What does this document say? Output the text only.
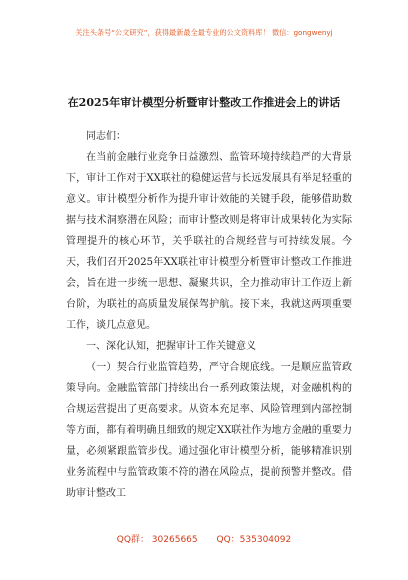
关注头条号“公文研究”，获得最新最全最专业的公文资料库！ 微信：gongwenyj
在2025年审计模型分析暨审计整改工作推进会上的讲话

同志们：

在当前金融行业竞争日益激烈、监管环境持续趋严的大背景下，审计工作对于XX联社的稳健运营与长远发展具有举足轻重的意义。审计模型分析作为提升审计效能的关键手段，能够借助数据与技术洞察潜在风险；而审计整改则是将审计成果转化为实际管理提升的核心环节，关乎联社的合规经营与可持续发展。今天，我们召开2025年XX联社审计模型分析暨审计整改工作推进会，旨在进一步统一思想、凝聚共识，全力推动审计工作迈上新台阶，为联社的高质量发展保驾护航。接下来，我就这两项重要工作，谈几点意见。

一、深化认知，把握审计工作关键意义

（一）契合行业监管趋势，严守合规底线。一是顺应监管政策导向。金融监管部门持续出台一系列政策法规，对金融机构的合规运营提出了更高要求。从资本充足率、风险管理到内部控制等方面，都有着明确且细致的规定XX联社作为地方金融的重要力量，必须紧跟监管步伐。通过强化审计模型分析，能够精准识别业务流程中与监管政策不符的潜在风险点，提前预警并整改。借助审计整改工

QQ群： 30265665 QQ：535304092
